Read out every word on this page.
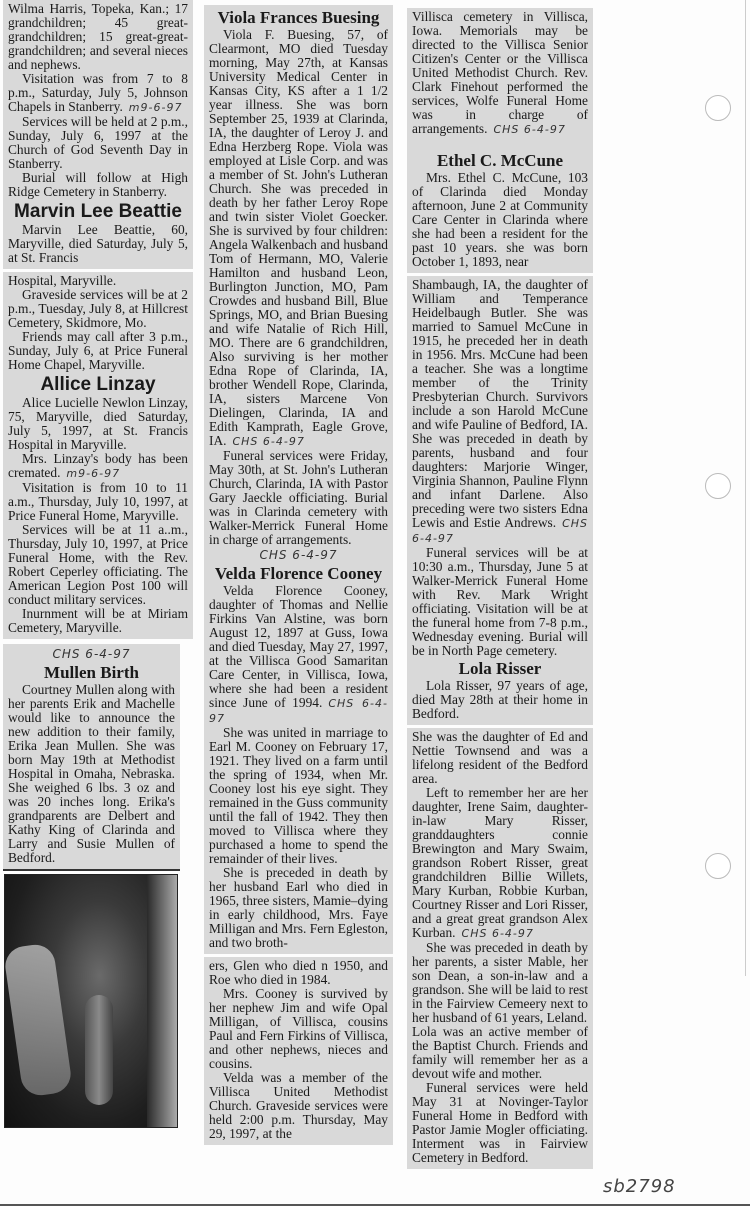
Wilma Harris, Topeka, Kan.; 17 grandchildren; 45 great-grandchildren; 15 great-great-grandchildren; and several nieces and nephews.

Visitation was from 7 to 8 p.m., Saturday, July 5, Johnson Chapels in Stanberry. m9-6-97

Services will be held at 2 p.m., Sunday, July 6, 1997 at the Church of God Seventh Day in Stanberry.

Burial will follow at High Ridge Cemetery in Stanberry.

Marvin Lee Beattie

Marvin Lee Beattie, 60, Maryville, died Saturday, July 5, at St. Francis

Hospital, Maryville.

Graveside services will be at 2 p.m., Tuesday, July 8, at Hillcrest Cemetery, Skidmore, Mo.

Friends may call after 3 p.m., Sunday, July 6, at Price Funeral Home Chapel, Maryville.

Allice Linzay

Alice Lucielle Newlon Linzay, 75, Maryville, died Saturday, July 5, 1997, at St. Francis Hospital in Maryville.

Mrs. Linzay's body has been cremated. m9-6-97

Visitation is from 10 to 11 a.m., Thursday, July 10, 1997, at Price Funeral Home, Maryville.

Services will be at 11 a..m., Thursday, July 10, 1997, at Price Funeral Home, with the Rev. Robert Ceperley officiating. The American Legion Post 100 will conduct military services.

Inurnment will be at Miriam Cemetery, Maryville.

CHS 6-4-97
Mullen Birth

Courtney Mullen along with her parents Erik and Machelle would like to announce the new addition to their family, Erika Jean Mullen. She was born May 19th at Methodist Hospital in Omaha, Nebraska. She weighed 6 lbs. 3 oz and was 20 inches long. Erika's grandparents are Delbert and Kathy King of Clarinda and Larry and Susie Mullen of Bedford.

Viola Frances Buesing

Viola F. Buesing, 57, of Clearmont, MO died Tuesday morning, May 27th, at Kansas University Medical Center in Kansas City, KS after a 1 1/2 year illness. She was born September 25, 1939 at Clarinda, IA, the daughter of Leroy J. and Edna Herzberg Rope. Viola was employed at Lisle Corp. and was a member of St. John's Lutheran Church. She was preceded in death by her father Leroy Rope and twin sister Violet Goecker. She is survived by four children: Angela Walkenbach and husband Tom of Hermann, MO, Valerie Hamilton and husband Leon, Burlington Junction, MO, Pam Crowdes and husband Bill, Blue Springs, MO, and Brian Buesing and wife Natalie of Rich Hill, MO. There are 6 grandchildren, Also surviving is her mother Edna Rope of Clarinda, IA, brother Wendell Rope, Clarinda, IA, sisters Marcene Von Dielingen, Clarinda, IA and Edith Kamprath, Eagle Grove, IA. CHS 6-4-97

Funeral services were Friday, May 30th, at St. John's Lutheran Church, Clarinda, IA with Pastor Gary Jaeckle officiating. Burial was in Clarinda cemetery with Walker-Merrick Funeral Home in charge of arrangements.

CHS 6-4-97
Velda Florence Cooney

Velda Florence Cooney, daughter of Thomas and Nellie Firkins Van Alstine, was born August 12, 1897 at Guss, Iowa and died Tuesday, May 27, 1997, at the Villisca Good Samaritan Care Center, in Villisca, Iowa, where she had been a resident since June of 1994. CHS 6-4-97

She was united in marriage to Earl M. Cooney on February 17, 1921. They lived on a farm until the spring of 1934, when Mr. Cooney lost his eye sight. They remained in the Guss community until the fall of 1942. They then moved to Villisca where they purchased a home to spend the remainder of their lives.

She is preceded in death by her husband Earl who died in 1965, three sisters, Mamie–dying in early childhood, Mrs. Faye Milligan and Mrs. Fern Egleston, and two broth-

ers, Glen who died n 1950, and Roe who died in 1984.

Mrs. Cooney is survived by her nephew Jim and wife Opal Milligan, of Villisca, cousins Paul and Fern Firkins of Villisca, and other nephews, nieces and cousins.

Velda was a member of the Villisca United Methodist Church. Graveside services were held 2:00 p.m. Thursday, May 29, 1997, at the

Villisca cemetery in Villisca, Iowa. Memorials may be directed to the Villisca Senior Citizen's Center or the Villisca United Methodist Church. Rev. Clark Finehout performed the services, Wolfe Funeral Home was in charge of arrangements. CHS 6-4-97

Ethel C. McCune

Mrs. Ethel C. McCune, 103 of Clarinda died Monday afternoon, June 2 at Community Care Center in Clarinda where she had been a resident for the past 10 years. she was born October 1, 1893, near

Shambaugh, IA, the daughter of William and Temperance Heidelbaugh Butler. She was married to Samuel McCune in 1915, he preceded her in death in 1956. Mrs. McCune had been a teacher. She was a longtime member of the Trinity Presbyterian Church. Survivors include a son Harold McCune and wife Pauline of Bedford, IA. She was preceded in death by parents, husband and four daughters: Marjorie Winger, Virginia Shannon, Pauline Flynn and infant Darlene. Also preceding were two sisters Edna Lewis and Estie Andrews. CHS 6-4-97

Funeral services will be at 10:30 a.m., Thursday, June 5 at Walker-Merrick Funeral Home with Rev. Mark Wright officiating. Visitation will be at the funeral home from 7-8 p.m., Wednesday evening. Burial will be in North Page cemetery.

Lola Risser

Lola Risser, 97 years of age, died May 28th at their home in Bedford.

She was the daughter of Ed and Nettie Townsend and was a lifelong resident of the Bedford area.

Left to remember her are her daughter, Irene Saim, daughter-in-law Mary Risser, granddaughters connie Brewington and Mary Swaim, grandson Robert Risser, great grandchildren Billie Willets, Mary Kurban, Robbie Kurban, Courtney Risser and Lori Risser, and a great great grandson Alex Kurban. CHS 6-4-97

She was preceded in death by her parents, a sister Mable, her son Dean, a son-in-law and a grandson. She will be laid to rest in the Fairview Cemeery next to her husband of 61 years, Leland.

Lola was an active member of the Baptist Church. Friends and family will remember her as a devout wife and mother.

Funeral services were held May 31 at Novinger-Taylor Funeral Home in Bedford with Pastor Jamie Mogler officiating. Interment was in Fairview Cemetery in Bedford.

sb2798
